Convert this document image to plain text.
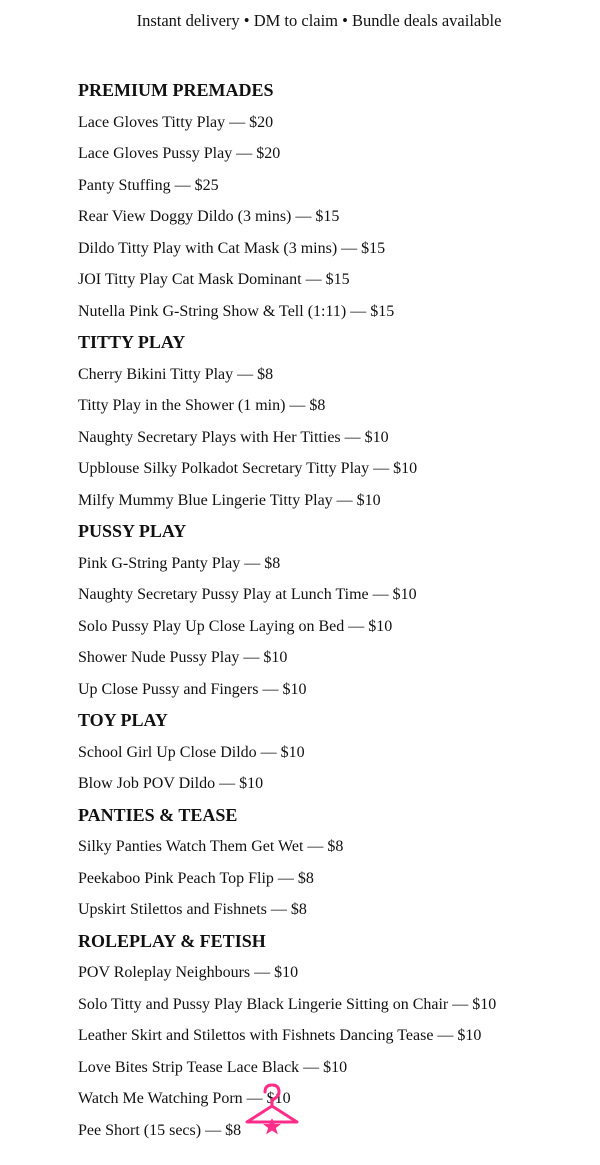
Instant delivery • DM to claim • Bundle deals available
PREMIUM PREMADES
Lace Gloves Titty Play — $20
Lace Gloves Pussy Play — $20
Panty Stuffing — $25
Rear View Doggy Dildo (3 mins) — $15
Dildo Titty Play with Cat Mask (3 mins) — $15
JOI Titty Play Cat Mask Dominant — $15
Nutella Pink G-String Show & Tell (1:11) — $15
TITTY PLAY
Cherry Bikini Titty Play — $8
Titty Play in the Shower (1 min) — $8
Naughty Secretary Plays with Her Titties — $10
Upblouse Silky Polkadot Secretary Titty Play — $10
Milfy Mummy Blue Lingerie Titty Play — $10
PUSSY PLAY
Pink G-String Panty Play — $8
Naughty Secretary Pussy Play at Lunch Time — $10
Solo Pussy Play Up Close Laying on Bed — $10
Shower Nude Pussy Play — $10
Up Close Pussy and Fingers — $10
TOY PLAY
School Girl Up Close Dildo — $10
Blow Job POV Dildo — $10
PANTIES & TEASE
Silky Panties Watch Them Get Wet — $8
Peekaboo Pink Peach Top Flip — $8
Upskirt Stilettos and Fishnets — $8
ROLEPLAY & FETISH
POV Roleplay Neighbours — $10
Solo Titty and Pussy Play Black Lingerie Sitting on Chair — $10
Leather Skirt and Stilettos with Fishnets Dancing Tease — $10
Love Bites Strip Tease Lace Black — $10
Watch Me Watching Porn — $10
Pee Short (15 secs) — $8
